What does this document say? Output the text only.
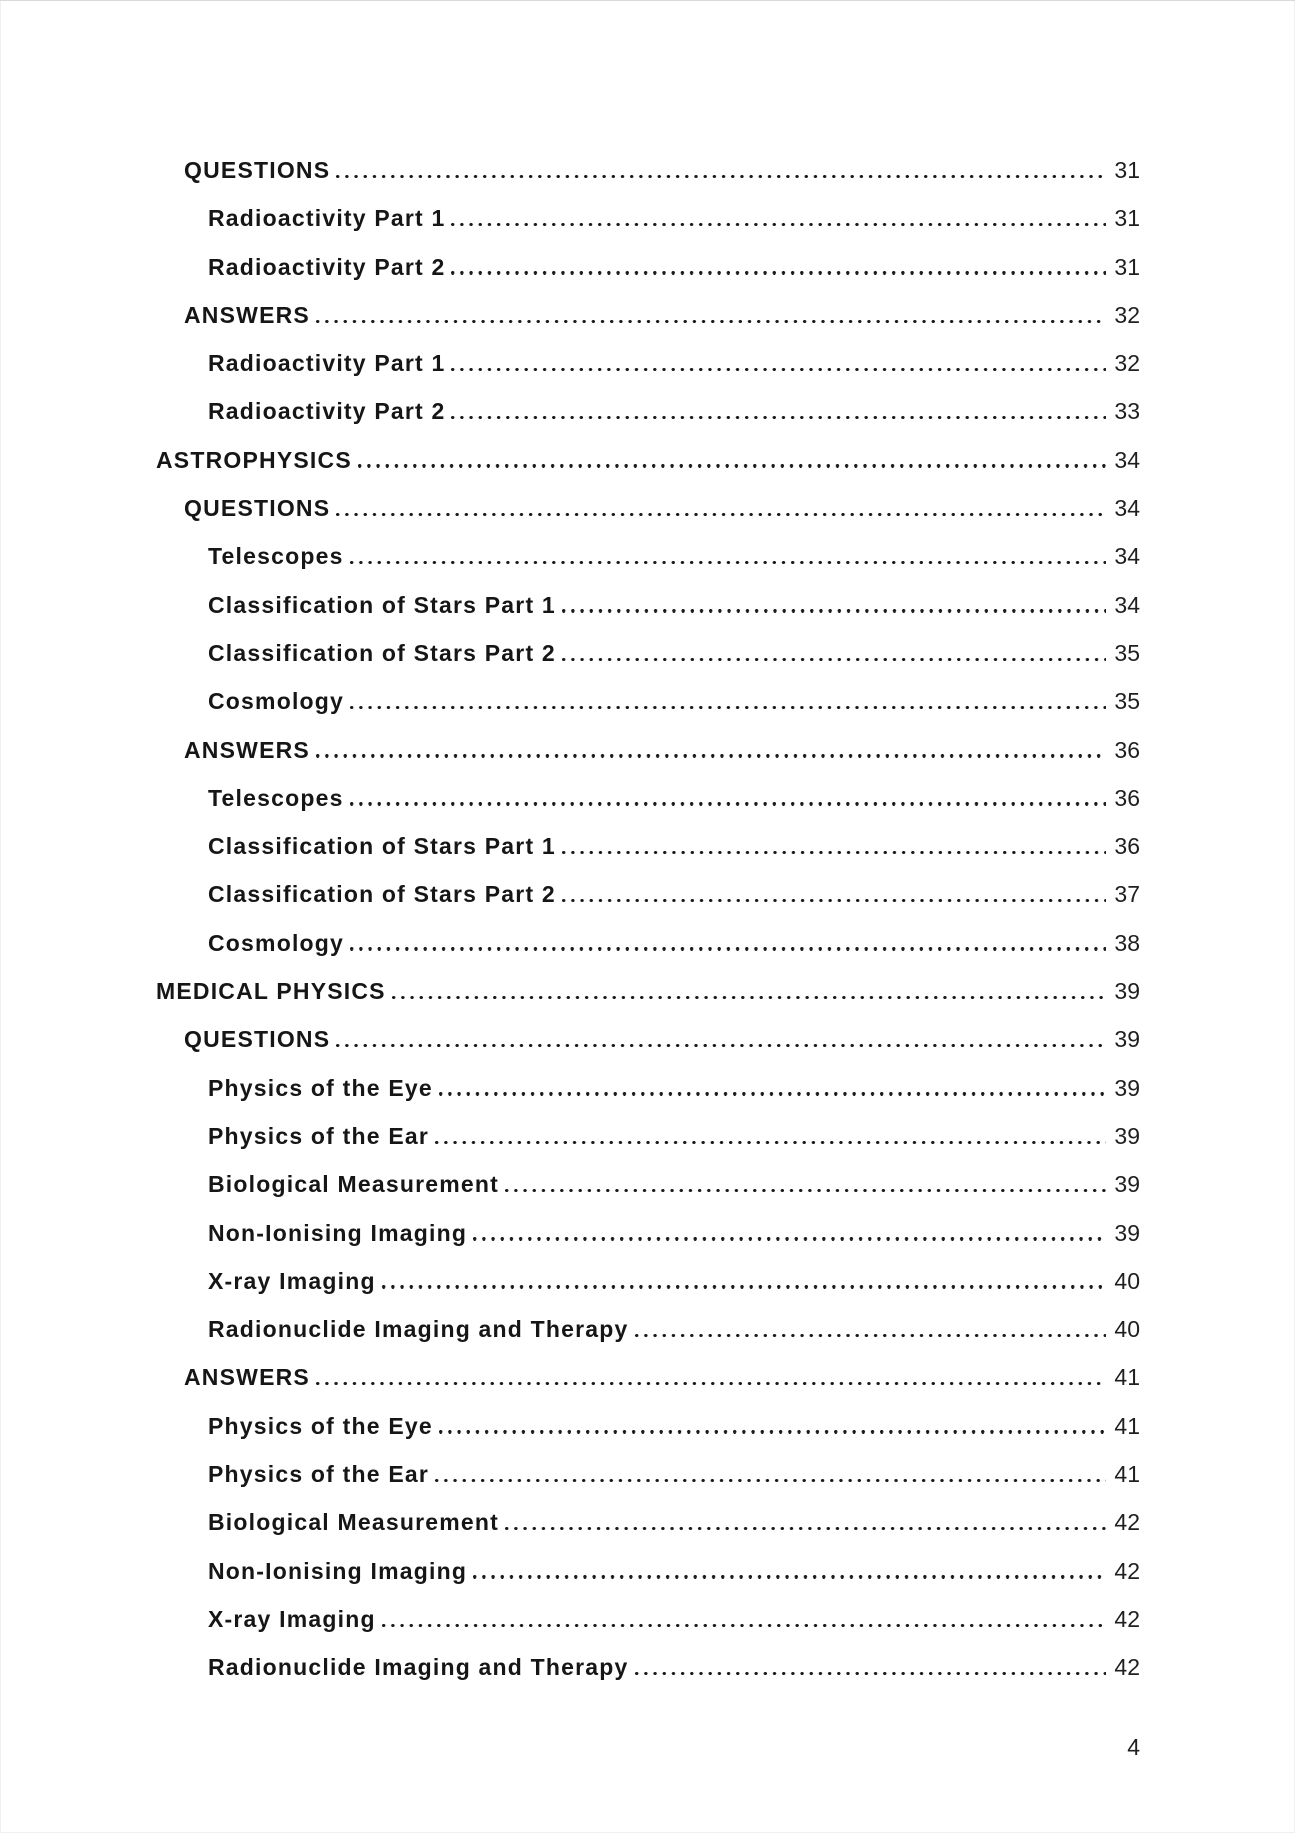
QUESTIONS	31
Radioactivity Part 1	31
Radioactivity Part 2	31
ANSWERS	32
Radioactivity Part 1	32
Radioactivity Part 2	33
ASTROPHYSICS	34
QUESTIONS	34
Telescopes	34
Classification of Stars Part 1	34
Classification of Stars Part 2	35
Cosmology	35
ANSWERS	36
Telescopes	36
Classification of Stars Part 1	36
Classification of Stars Part 2	37
Cosmology	38
MEDICAL PHYSICS	39
QUESTIONS	39
Physics of the Eye	39
Physics of the Ear	39
Biological Measurement	39
Non-Ionising Imaging	39
X-ray Imaging	40
Radionuclide Imaging and Therapy	40
ANSWERS	41
Physics of the Eye	41
Physics of the Ear	41
Biological Measurement	42
Non-Ionising Imaging	42
X-ray Imaging	42
Radionuclide Imaging and Therapy	42
4
